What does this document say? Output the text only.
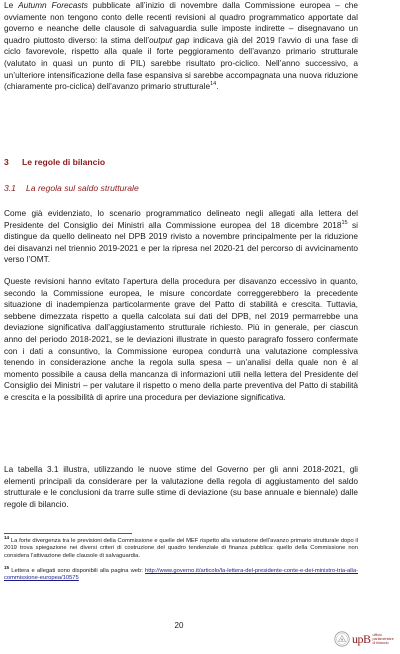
Le Autumn Forecasts pubblicate all’inizio di novembre dalla Commissione europea – che ovviamente non tengono conto delle recenti revisioni al quadro programmatico apportate dal governo e neanche delle clausole di salvaguardia sulle imposte indirette – disegnavano un quadro piuttosto diverso: la stima dell’output gap indicava già del 2019 l’avvio di una fase di ciclo favorevole, rispetto alla quale il forte peggioramento dell’avanzo primario strutturale (valutato in quasi un punto di PIL) sarebbe risultato pro-ciclico. Nell’anno successivo, a un’ulteriore intensificazione della fase espansiva si sarebbe accompagnata una nuova riduzione (chiaramente pro-ciclica) dell’avanzo primario strutturale$^{14}$.

3 Le regole di bilancio
3.1 La regola sul saldo strutturale

Come già evidenziato, lo scenario programmatico delineato negli allegati alla lettera del Presidente del Consiglio dei Ministri alla Commissione europea del 18 dicembre 2018$^{15}$ si distingue da quello delineato nel DPB 2019 rivisto a novembre principalmente per la riduzione dei disavanzi nel triennio 2019-2021 e per la ripresa nel 2020-21 del percorso di avvicinamento verso l’OMT.

Queste revisioni hanno evitato l’apertura della procedura per disavanzo eccessivo in quanto, secondo la Commissione europea, le misure concordate correggerebbero la precedente situazione di inadempienza particolarmente grave del Patto di stabilità e crescita. Tuttavia, sebbene dimezzata rispetto a quella calcolata sui dati del DPB, nel 2019 permarrebbe una deviazione significativa dall’aggiustamento strutturale richiesto. Più in generale, per ciascun anno del periodo 2018-2021, se le deviazioni illustrate in questo paragrafo fossero confermate con i dati a consuntivo, la Commissione europea condurrà una valutazione complessiva tenendo in considerazione anche la regola sulla spesa – un’analisi della quale non è al momento possibile a causa della mancanza di informazioni utili nella lettera del Presidente del Consiglio dei Ministri – per valutare il rispetto o meno della parte preventiva del Patto di stabilità e crescita e la possibilità di aprire una procedura per deviazione significativa.

La tabella 3.1 illustra, utilizzando le nuove stime del Governo per gli anni 2018-2021, gli elementi principali da considerare per la valutazione della regola di aggiustamento del saldo strutturale e le conclusioni da trarre sulle stime di deviazione (su base annuale e biennale) dalle regole di bilancio.

$^{14}$ La forte divergenza tra le previsioni della Commissione e quelle del MEF rispetto alla variazione dell’avanzo primario strutturale dopo il 2019 trova spiegazione nei diversi criteri di costruzione del quadro tendenziale di finanza pubblica: quello della Commissione non considera l’attivazione delle clausole di salvaguardia.

$^{15}$ Lettera e allegati sono disponibili alla pagina web: http://www.governo.it/articolo/la-lettera-del-presidente-conte-e-dei-ministro-tria-alla-commissione-europea/10575

20
upB ufficio
parlamentare
di bilancio
